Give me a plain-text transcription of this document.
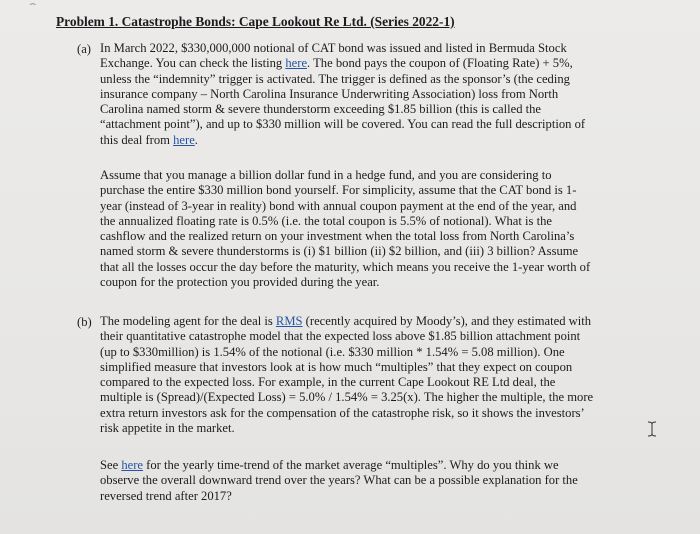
Problem 1. Catastrophe Bonds: Cape Lookout Re Ltd. (Series 2022-1)
(a) In March 2022, $330,000,000 notional of CAT bond was issued and listed in Bermuda Stock
Exchange. You can check the listing here. The bond pays the coupon of (Floating Rate) + 5%,
unless the “indemnity” trigger is activated. The trigger is defined as the sponsor’s (the ceding
insurance company – North Carolina Insurance Underwriting Association) loss from North
Carolina named storm & severe thunderstorm exceeding $1.85 billion (this is called the
“attachment point”), and up to $330 million will be covered. You can read the full description of
this deal from here.
Assume that you manage a billion dollar fund in a hedge fund, and you are considering to
purchase the entire $330 million bond yourself. For simplicity, assume that the CAT bond is 1-
year (instead of 3-year in reality) bond with annual coupon payment at the end of the year, and
the annualized floating rate is 0.5% (i.e. the total coupon is 5.5% of notional). What is the
cashflow and the realized return on your investment when the total loss from North Carolina’s
named storm & severe thunderstorms is (i) $1 billion (ii) $2 billion, and (iii) 3 billion? Assume
that all the losses occur the day before the maturity, which means you receive the 1-year worth of
coupon for the protection you provided during the year.
(b) The modeling agent for the deal is RMS (recently acquired by Moody’s), and they estimated with
their quantitative catastrophe model that the expected loss above $1.85 billion attachment point
(up to $330million) is 1.54% of the notional (i.e. $330 million * 1.54% = 5.08 million). One
simplified measure that investors look at is how much “multiples” that they expect on coupon
compared to the expected loss. For example, in the current Cape Lookout RE Ltd deal, the
multiple is (Spread)/(Expected Loss) = 5.0% / 1.54% = 3.25(x). The higher the multiple, the more
extra return investors ask for the compensation of the catastrophe risk, so it shows the investors’
risk appetite in the market.
See here for the yearly time-trend of the market average “multiples”. Why do you think we
observe the overall downward trend over the years? What can be a possible explanation for the
reversed trend after 2017?
